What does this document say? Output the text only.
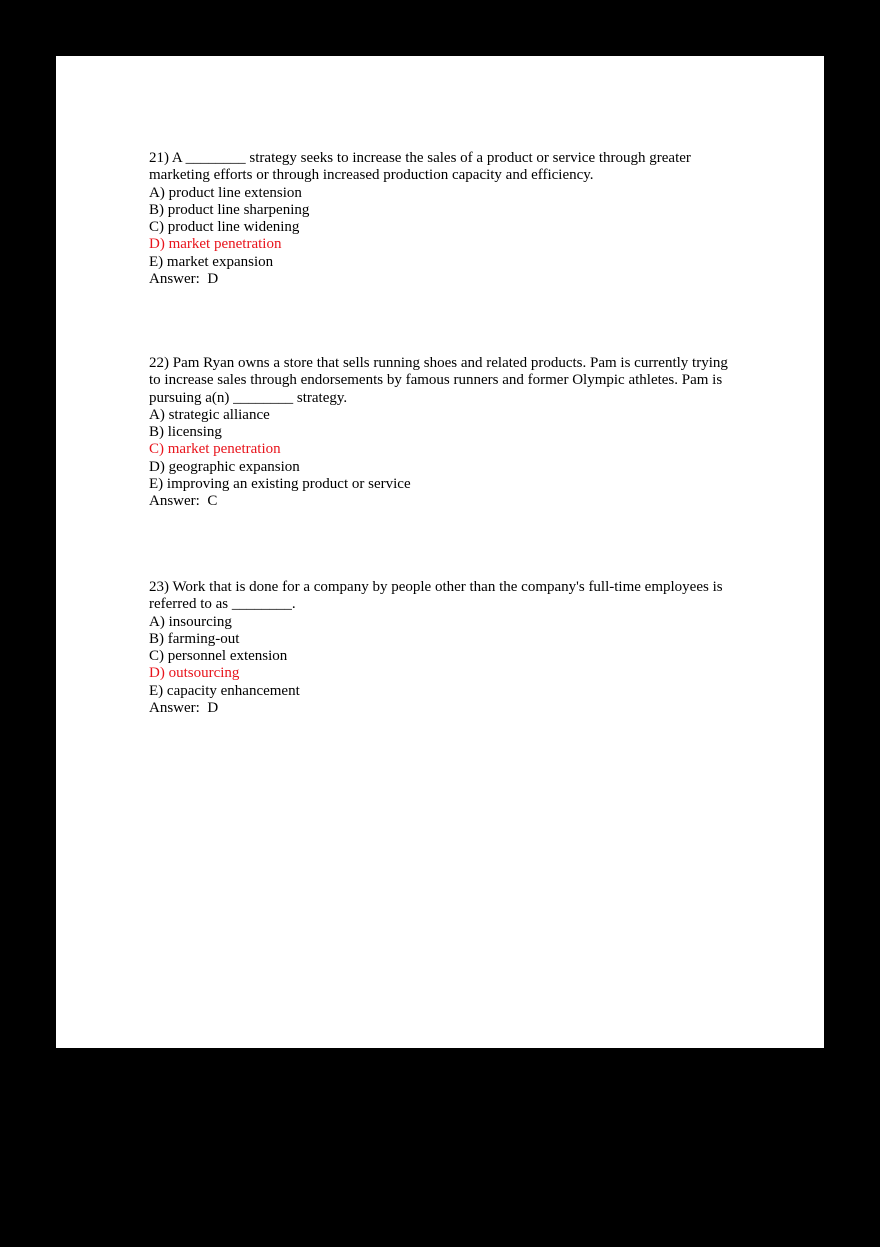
21) A ________ strategy seeks to increase the sales of a product or service through greater marketing efforts or through increased production capacity and efficiency.

A) product line extension

B) product line sharpening

C) product line widening

D) market penetration

E) market expansion

Answer:  D

22) Pam Ryan owns a store that sells running shoes and related products. Pam is currently trying to increase sales through endorsements by famous runners and former Olympic athletes. Pam is pursuing a(n) ________ strategy.

A) strategic alliance

B) licensing

C) market penetration

D) geographic expansion

E) improving an existing product or service

Answer:  C

23) Work that is done for a company by people other than the company's full-time employees is referred to as ________.

A) insourcing

B) farming-out

C) personnel extension

D) outsourcing

E) capacity enhancement

Answer:  D
